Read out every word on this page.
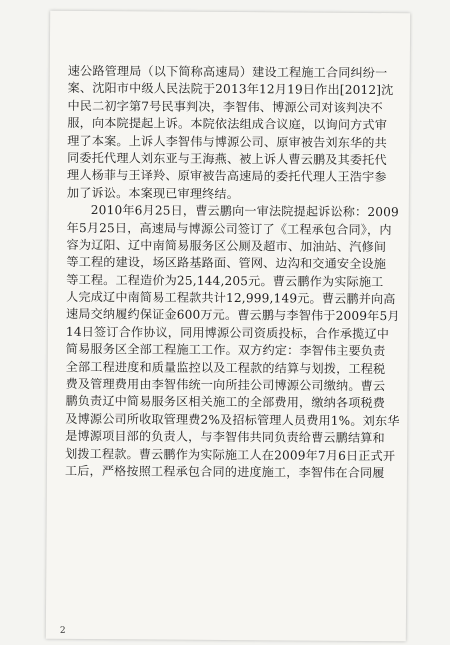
速公路管理局（以下简称高速局）建设工程施工合同纠纷一
案、沈阳市中级人民法院于2013年12月19日作出[2012]沈
中民二初字第7号民事判决，李智伟、博源公司对该判决不
服，向本院提起上诉。本院依法组成合议庭，以询问方式审
理了本案。上诉人李智伟与博源公司、原审被告刘东华的共
同委托代理人刘东亚与王海燕、被上诉人曹云鹏及其委托代
理人杨菲与王译羚、原审被告高速局的委托代理人王浩宇参
加了诉讼。本案现已审理终结。
2010年6月25日，曹云鹏向一审法院提起诉讼称：2009
年5月25日，高速局与博源公司签订了《工程承包合同》，内
容为辽阳、辽中南简易服务区公厕及超市、加油站、汽修间
等工程的建设，场区路基路面、管网、边沟和交通安全设施
等工程。工程造价为25,144,205元。曹云鹏作为实际施工
人完成辽中南简易工程款共计12,999,149元。曹云鹏并向高
速局交纳履约保证金600万元。曹云鹏与李智伟于2009年5月
14日签订合作协议，同用博源公司资质投标，合作承揽辽中
简易服务区全部工程施工工作。双方约定：李智伟主要负责
全部工程进度和质量监控以及工程款的结算与划拨，工程税
费及管理费用由李智伟统一向所挂公司博源公司缴纳。曹云
鹏负责辽中简易服务区相关施工的全部费用，缴纳各项税费
及博源公司所收取管理费2%及招标管理人员费用1%。刘东华
是博源项目部的负责人，与李智伟共同负责给曹云鹏结算和
划拨工程款。曹云鹏作为实际施工人在2009年7月6日正式开
工后，严格按照工程承包合同的进度施工，李智伟在合同履
2
